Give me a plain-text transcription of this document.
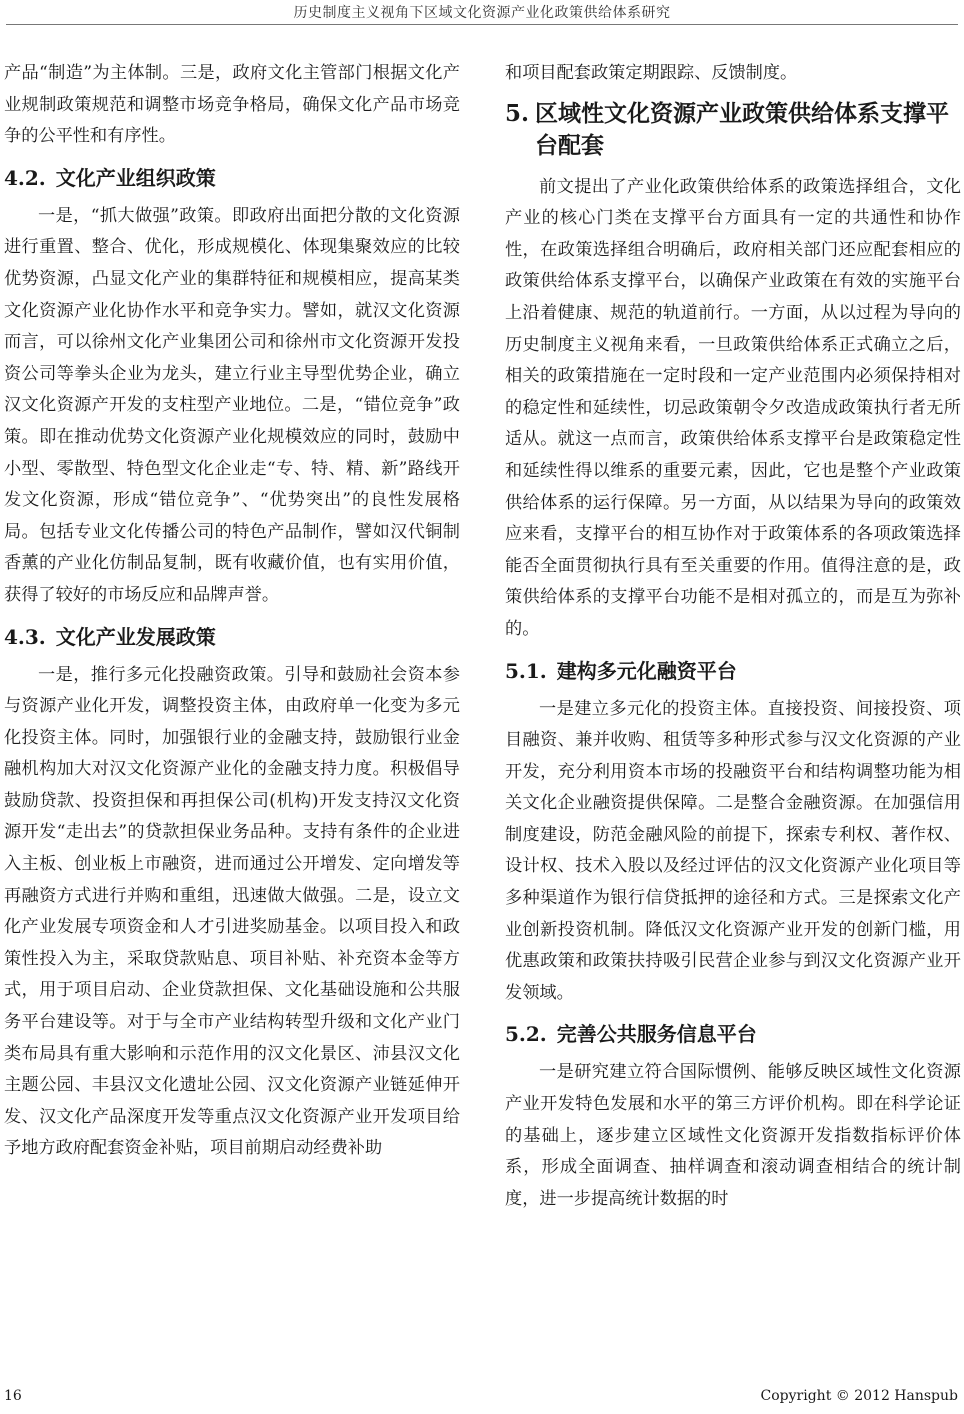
历史制度主义视角下区域文化资源产业化政策供给体系研究

产品“制造”为主体制。三是，政府文化主管部门根据文化产业规制政策规范和调整市场竞争格局，确保文化产品市场竞争的公平性和有序性。

4.2. 文化产业组织政策

一是，“抓大做强”政策。即政府出面把分散的文化资源进行重置、整合、优化，形成规模化、体现集聚效应的比较优势资源，凸显文化产业的集群特征和规模相应，提高某类文化资源产业化协作水平和竞争实力。譬如，就汉文化资源而言，可以徐州文化产业集团公司和徐州市文化资源开发投资公司等拳头企业为龙头，建立行业主导型优势企业，确立汉文化资源产开发的支柱型产业地位。二是，“错位竞争”政策。即在推动优势文化资源产业化规模效应的同时，鼓励中小型、零散型、特色型文化企业走“专、特、精、新”路线开发文化资源，形成“错位竞争”、“优势突出”的良性发展格局。包括专业文化传播公司的特色产品制作，譬如汉代铜制香薰的产业化仿制品复制，既有收藏价值，也有实用价值，获得了较好的市场反应和品牌声誉。

4.3. 文化产业发展政策

一是，推行多元化投融资政策。引导和鼓励社会资本参与资源产业化开发，调整投资主体，由政府单一化变为多元化投资主体。同时，加强银行业的金融支持，鼓励银行业金融机构加大对汉文化资源产业化的金融支持力度。积极倡导鼓励贷款、投资担保和再担保公司(机构)开发支持汉文化资源开发“走出去”的贷款担保业务品种。支持有条件的企业进入主板、创业板上市融资，进而通过公开增发、定向增发等再融资方式进行并购和重组，迅速做大做强。二是，设立文化产业发展专项资金和人才引进奖励基金。以项目投入和政策性投入为主，采取贷款贴息、项目补贴、补充资本金等方式，用于项目启动、企业贷款担保、文化基础设施和公共服务平台建设等。对于与全市产业结构转型升级和文化产业门类布局具有重大影响和示范作用的汉文化景区、沛县汉文化主题公园、丰县汉文化遗址公园、汉文化资源产业链延伸开发、汉文化产品深度开发等重点汉文化资源产业开发项目给予地方政府配套资金补贴，项目前期启动经费补助

和项目配套政策定期跟踪、反馈制度。

5. 区域性文化资源产业政策供给体系支撑平台配套

前文提出了产业化政策供给体系的政策选择组合，文化产业的核心门类在支撑平台方面具有一定的共通性和协作性，在政策选择组合明确后，政府相关部门还应配套相应的政策供给体系支撑平台，以确保产业政策在有效的实施平台上沿着健康、规范的轨道前行。一方面，从以过程为导向的历史制度主义视角来看，一旦政策供给体系正式确立之后，相关的政策措施在一定时段和一定产业范围内必须保持相对的稳定性和延续性，切忌政策朝令夕改造成政策执行者无所适从。就这一点而言，政策供给体系支撑平台是政策稳定性和延续性得以维系的重要元素，因此，它也是整个产业政策供给体系的运行保障。另一方面，从以结果为导向的政策效应来看，支撑平台的相互协作对于政策体系的各项政策选择能否全面贯彻执行具有至关重要的作用。值得注意的是，政策供给体系的支撑平台功能不是相对孤立的，而是互为弥补的。

5.1. 建构多元化融资平台

一是建立多元化的投资主体。直接投资、间接投资、项目融资、兼并收购、租赁等多种形式参与汉文化资源的产业开发，充分利用资本市场的投融资平台和结构调整功能为相关文化企业融资提供保障。二是整合金融资源。在加强信用制度建设，防范金融风险的前提下，探索专利权、著作权、设计权、技术入股以及经过评估的汉文化资源产业化项目等多种渠道作为银行信贷抵押的途径和方式。三是探索文化产业创新投资机制。降低汉文化资源产业开发的创新门槛，用优惠政策和政策扶持吸引民营企业参与到汉文化资源产业开发领域。

5.2. 完善公共服务信息平台

一是研究建立符合国际惯例、能够反映区域性文化资源产业开发特色发展和水平的第三方评价机构。即在科学论证的基础上，逐步建立区域性文化资源开发指数指标评价体系，形成全面调查、抽样调查和滚动调查相结合的统计制度，进一步提高统计数据的时

16	Copyright © 2012 Hanspub
